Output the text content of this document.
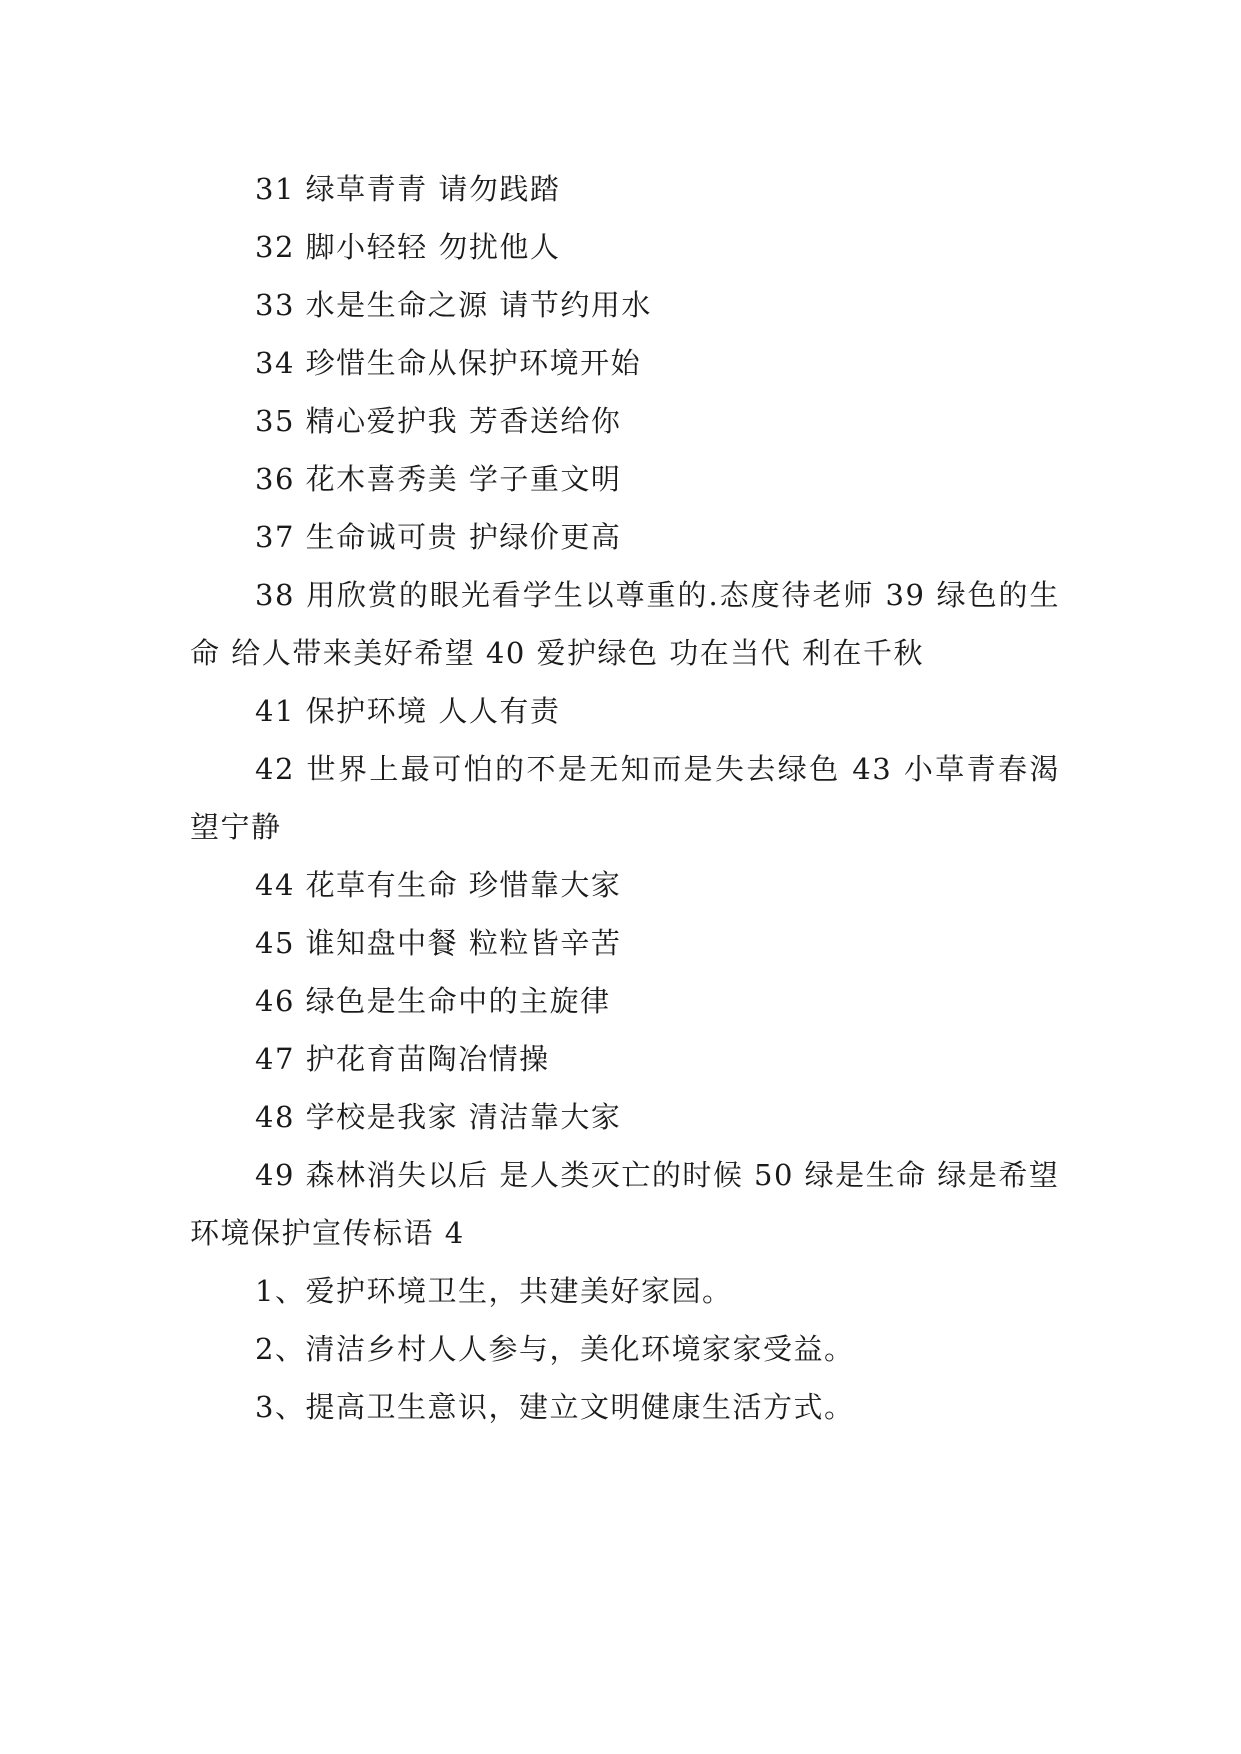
31 绿草青青 请勿践踏
32 脚小轻轻 勿扰他人
33 水是生命之源 请节约用水
34 珍惜生命从保护环境开始
35 精心爱护我 芳香送给你
36 花木喜秀美 学子重文明
37 生命诚可贵 护绿价更高
38 用欣赏的眼光看学生以尊重的.态度待老师 39 绿色的生命 给人带来美好希望 40 爱护绿色 功在当代 利在千秋
41 保护环境 人人有责
42 世界上最可怕的不是无知而是失去绿色 43 小草青春渴望宁静
44 花草有生命 珍惜靠大家
45 谁知盘中餐 粒粒皆辛苦
46 绿色是生命中的主旋律
47 护花育苗陶冶情操
48 学校是我家 清洁靠大家
49 森林消失以后 是人类灭亡的时候 50 绿是生命 绿是希望
环境保护宣传标语 4
1、爱护环境卫生，共建美好家园。
2、清洁乡村人人参与，美化环境家家受益。
3、提高卫生意识，建立文明健康生活方式。
